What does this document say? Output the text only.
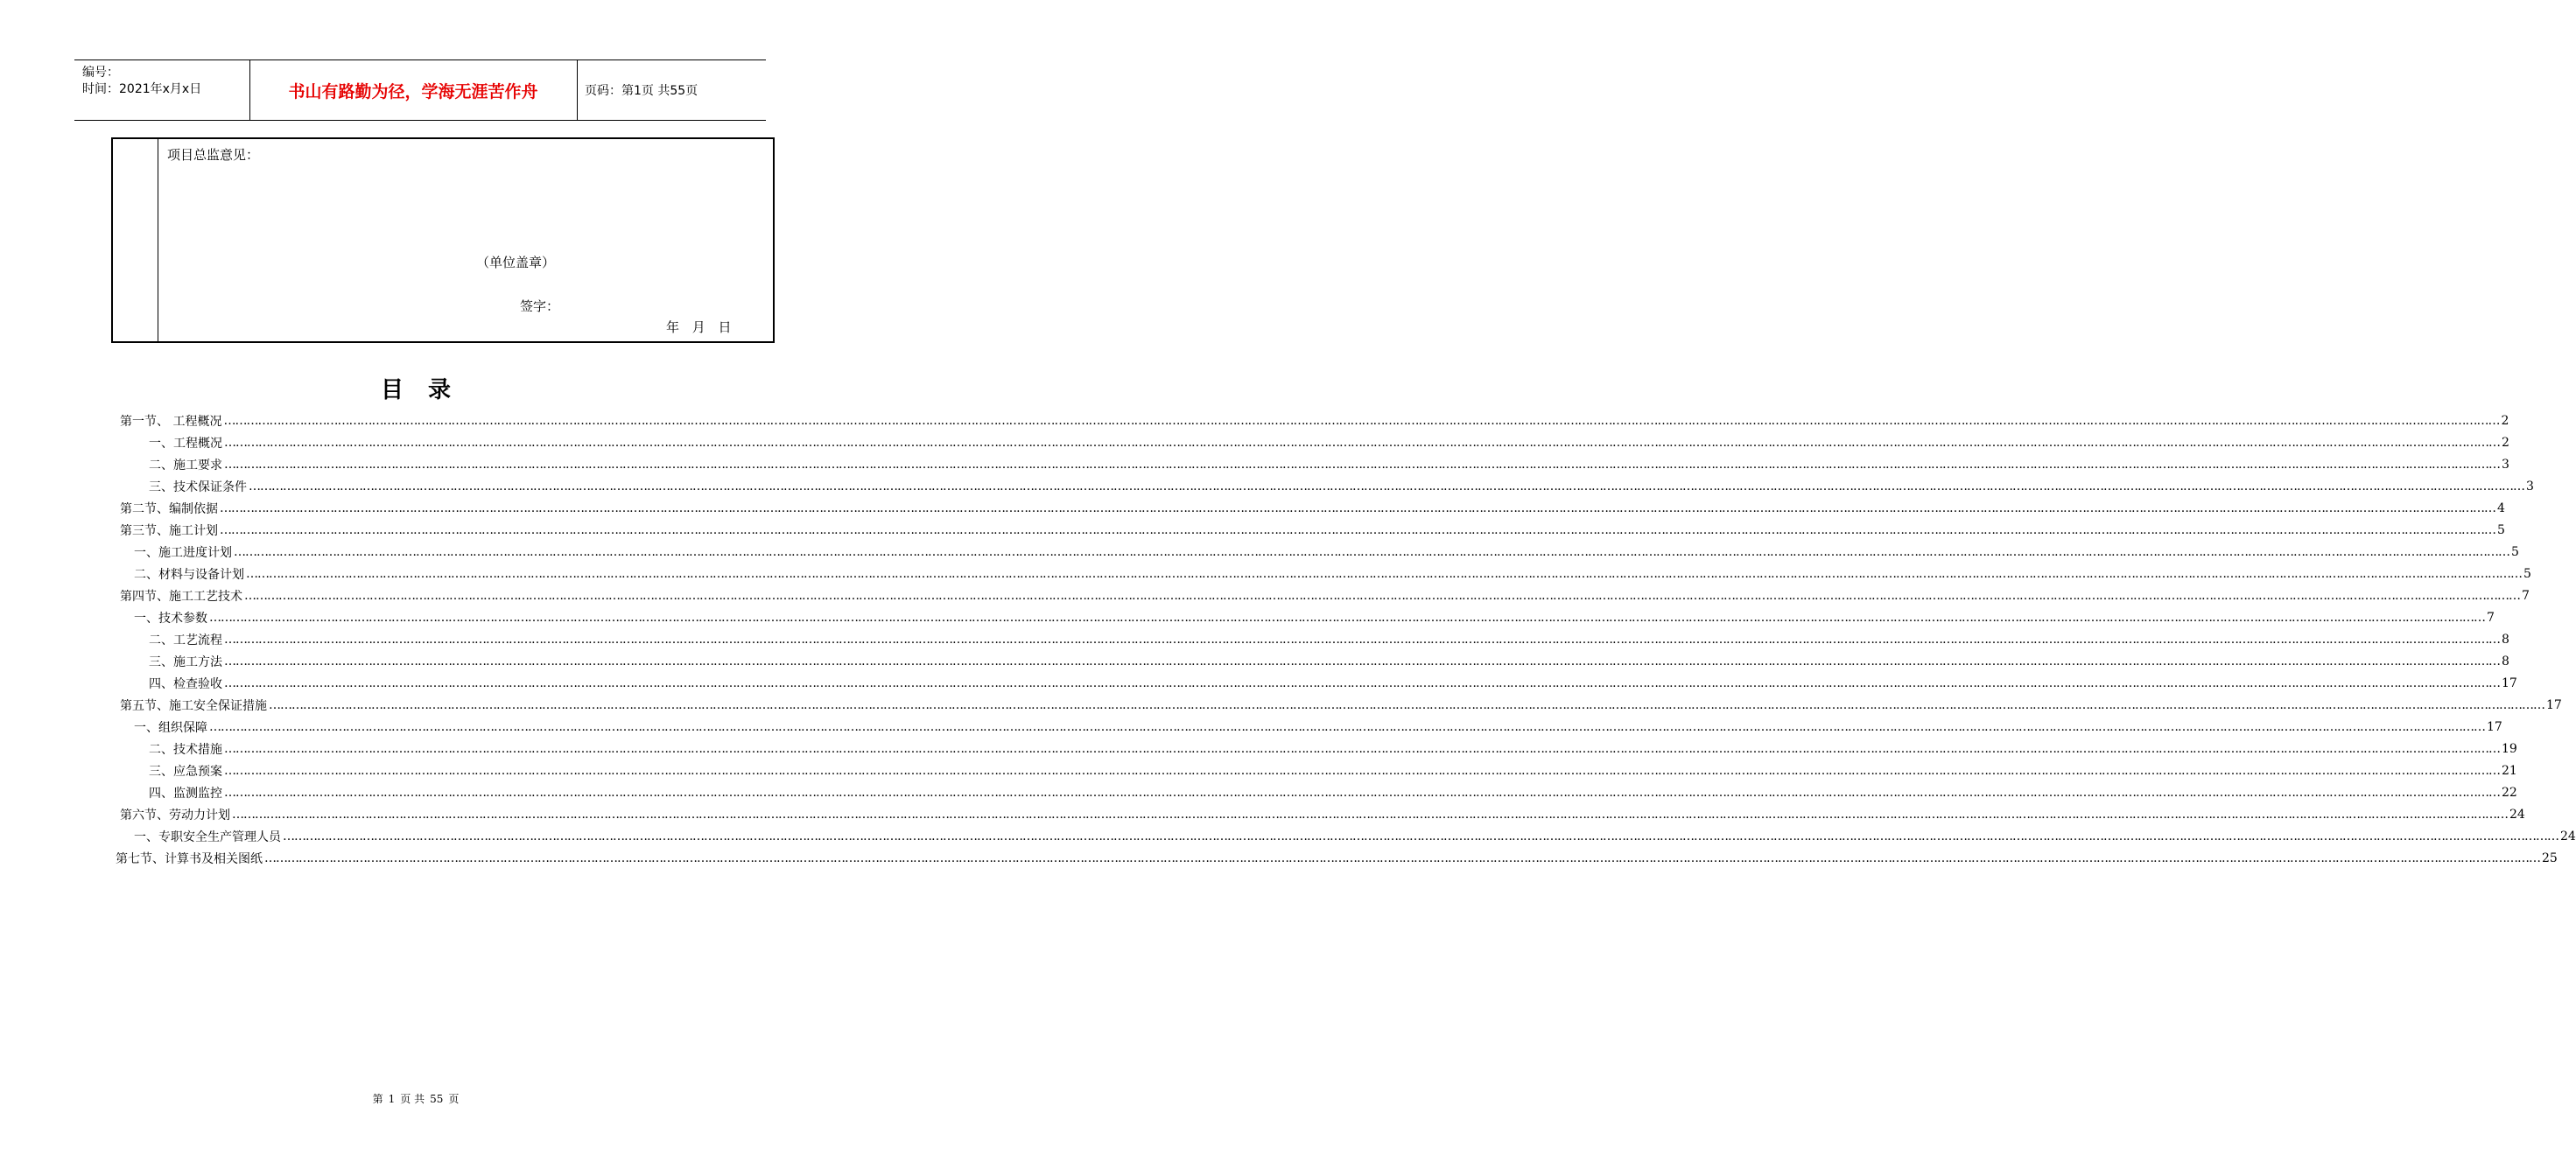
编号：
时间：2021年x月x日	书山有路勤为径，学海无涯苦作舟	页码：第1页 共55页
项目总监意见：
（单位盖章）
签字：
年 月 日
目录
第一节、 工程概况 …………………………………………………………………………………………………………………………………………………………………………………………………………………………………………………………………………………………………………………………………………………………………………………………………………………………………………………………………………………………………………………………………………………… 2
一、工程概况 …………………………………………………………………………………………………………………………………………………………………………………………………………………………………………………………………………………………………………………………………………………………………………………………………………………………………………………………………………………………………………………………………………………… 2
二、施工要求 …………………………………………………………………………………………………………………………………………………………………………………………………………………………………………………………………………………………………………………………………………………………………………………………………………………………………………………………………………………………………………………………………………………… 3
三、技术保证条件 …………………………………………………………………………………………………………………………………………………………………………………………………………………………………………………………………………………………………………………………………………………………………………………………………………………………………………………………………………………………………………………………………………………… 3
第二节、编制依据 …………………………………………………………………………………………………………………………………………………………………………………………………………………………………………………………………………………………………………………………………………………………………………………………………………………………………………………………………………………………………………………………………………………… 4
第三节、施工计划 …………………………………………………………………………………………………………………………………………………………………………………………………………………………………………………………………………………………………………………………………………………………………………………………………………………………………………………………………………………………………………………………………………………… 5
一、施工进度计划 …………………………………………………………………………………………………………………………………………………………………………………………………………………………………………………………………………………………………………………………………………………………………………………………………………………………………………………………………………………………………………………………………………………… 5
二、材料与设备计划 …………………………………………………………………………………………………………………………………………………………………………………………………………………………………………………………………………………………………………………………………………………………………………………………………………………………………………………………………………………………………………………………………………………… 5
第四节、施工工艺技术 …………………………………………………………………………………………………………………………………………………………………………………………………………………………………………………………………………………………………………………………………………………………………………………………………………………………………………………………………………………………………………………………………………………… 7
一、技术参数 …………………………………………………………………………………………………………………………………………………………………………………………………………………………………………………………………………………………………………………………………………………………………………………………………………………………………………………………………………………………………………………………………………………… 7
二、工艺流程 …………………………………………………………………………………………………………………………………………………………………………………………………………………………………………………………………………………………………………………………………………………………………………………………………………………………………………………………………………………………………………………………………………………… 8
三、施工方法 …………………………………………………………………………………………………………………………………………………………………………………………………………………………………………………………………………………………………………………………………………………………………………………………………………………………………………………………………………………………………………………………………………………… 8
四、检查验收 …………………………………………………………………………………………………………………………………………………………………………………………………………………………………………………………………………………………………………………………………………………………………………………………………………………………………………………………………………………………………………………………………………………… 17
第五节、施工安全保证措施 …………………………………………………………………………………………………………………………………………………………………………………………………………………………………………………………………………………………………………………………………………………………………………………………………………………………………………………………………………………………………………………………………………………… 17
一、组织保障 …………………………………………………………………………………………………………………………………………………………………………………………………………………………………………………………………………………………………………………………………………………………………………………………………………………………………………………………………………………………………………………………………………………… 17
二、技术措施 …………………………………………………………………………………………………………………………………………………………………………………………………………………………………………………………………………………………………………………………………………………………………………………………………………………………………………………………………………………………………………………………………………………… 19
三、应急预案 …………………………………………………………………………………………………………………………………………………………………………………………………………………………………………………………………………………………………………………………………………………………………………………………………………………………………………………………………………………………………………………………………………………… 21
四、监测监控 …………………………………………………………………………………………………………………………………………………………………………………………………………………………………………………………………………………………………………………………………………………………………………………………………………………………………………………………………………………………………………………………………………………… 22
第六节、劳动力计划 …………………………………………………………………………………………………………………………………………………………………………………………………………………………………………………………………………………………………………………………………………………………………………………………………………………………………………………………………………………………………………………………………………………… 24
一、专职安全生产管理人员 …………………………………………………………………………………………………………………………………………………………………………………………………………………………………………………………………………………………………………………………………………………………………………………………………………………………………………………………………………………………………………………………………………………… 24
第七节、计算书及相关图纸 …………………………………………………………………………………………………………………………………………………………………………………………………………………………………………………………………………………………………………………………………………………………………………………………………………………………………………………………………………………………………………………………………………………… 25
第 1 页 共 55 页
